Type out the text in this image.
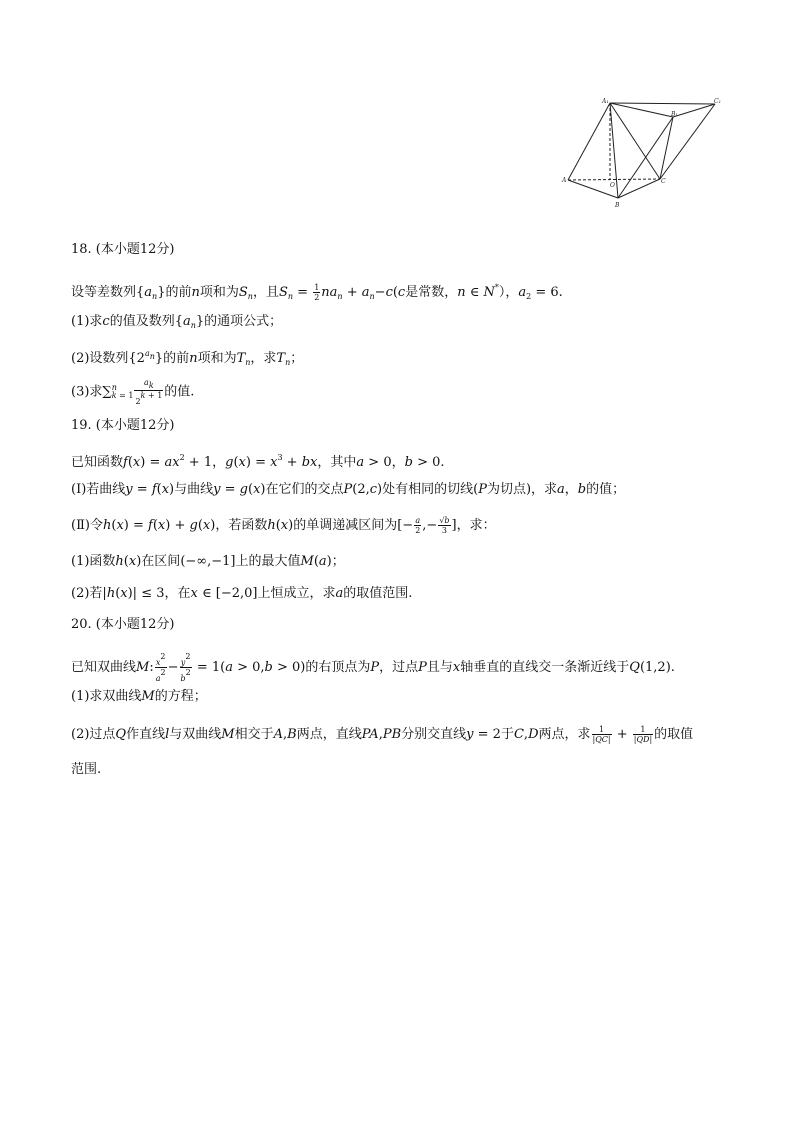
A₁	C₁
B₁
A
O
B
C
18. (本小题12分)
设等差数列$\{a_n\}$的前n项和为$S_n$，且$S_n = \frac{1}{2} na_n + a_n-c(c$是常数，n ∈ N*），$a_2 = 6$.
(1)求c的值及数列$\{a_n\}$的通项公式；
(2)设数列$\{2^{an}\}$的前n项和为$T_n$，求$T_n$；
(3)求∑ n
$k = 1 \frac{ak}{2k + 1}$ 的值.
19. (本小题12分)
已知函数$f(x) = ax^2 + 1$，$g(x) = x^3$ + bx，其中a > 0，b > 0.
(Ⅰ)若曲线y = f(x)与曲线y = g(x)在它们的交点P(2,c)处有相同的切线(P为切点)，求a，b的值；
(Ⅱ)令h(x) = f(x) + g(x)，若函数h(x)的单调递减区间为[− $\frac{a}{2}$ ,− $\frac{√b}{3}$ ]，求：
(1)函数h(x)在区间(−∞,−1]上的最大值M(a)；
(2)若|h(x)| ≤ 3，在x ∈ [−2,0]上恒成立，求a的取值范围.
20. (本小题12分)
已知双曲线M: $\frac{x2}{a2} - \frac{y2}{b2} = 1(a > 0,b > 0)$的右顶点为P，过点P且与x轴垂直的直线交一条渐近线于Q(1,2).
(1)求双曲线M的方程；
(2)过点Q作直线l与双曲线M相交于A,B两点，直线PA,PB分别交直线y = 2于C,D两点，求 $\frac{1}{|QC|} + \frac{1}{|QD|}$ 的取值
范围.
